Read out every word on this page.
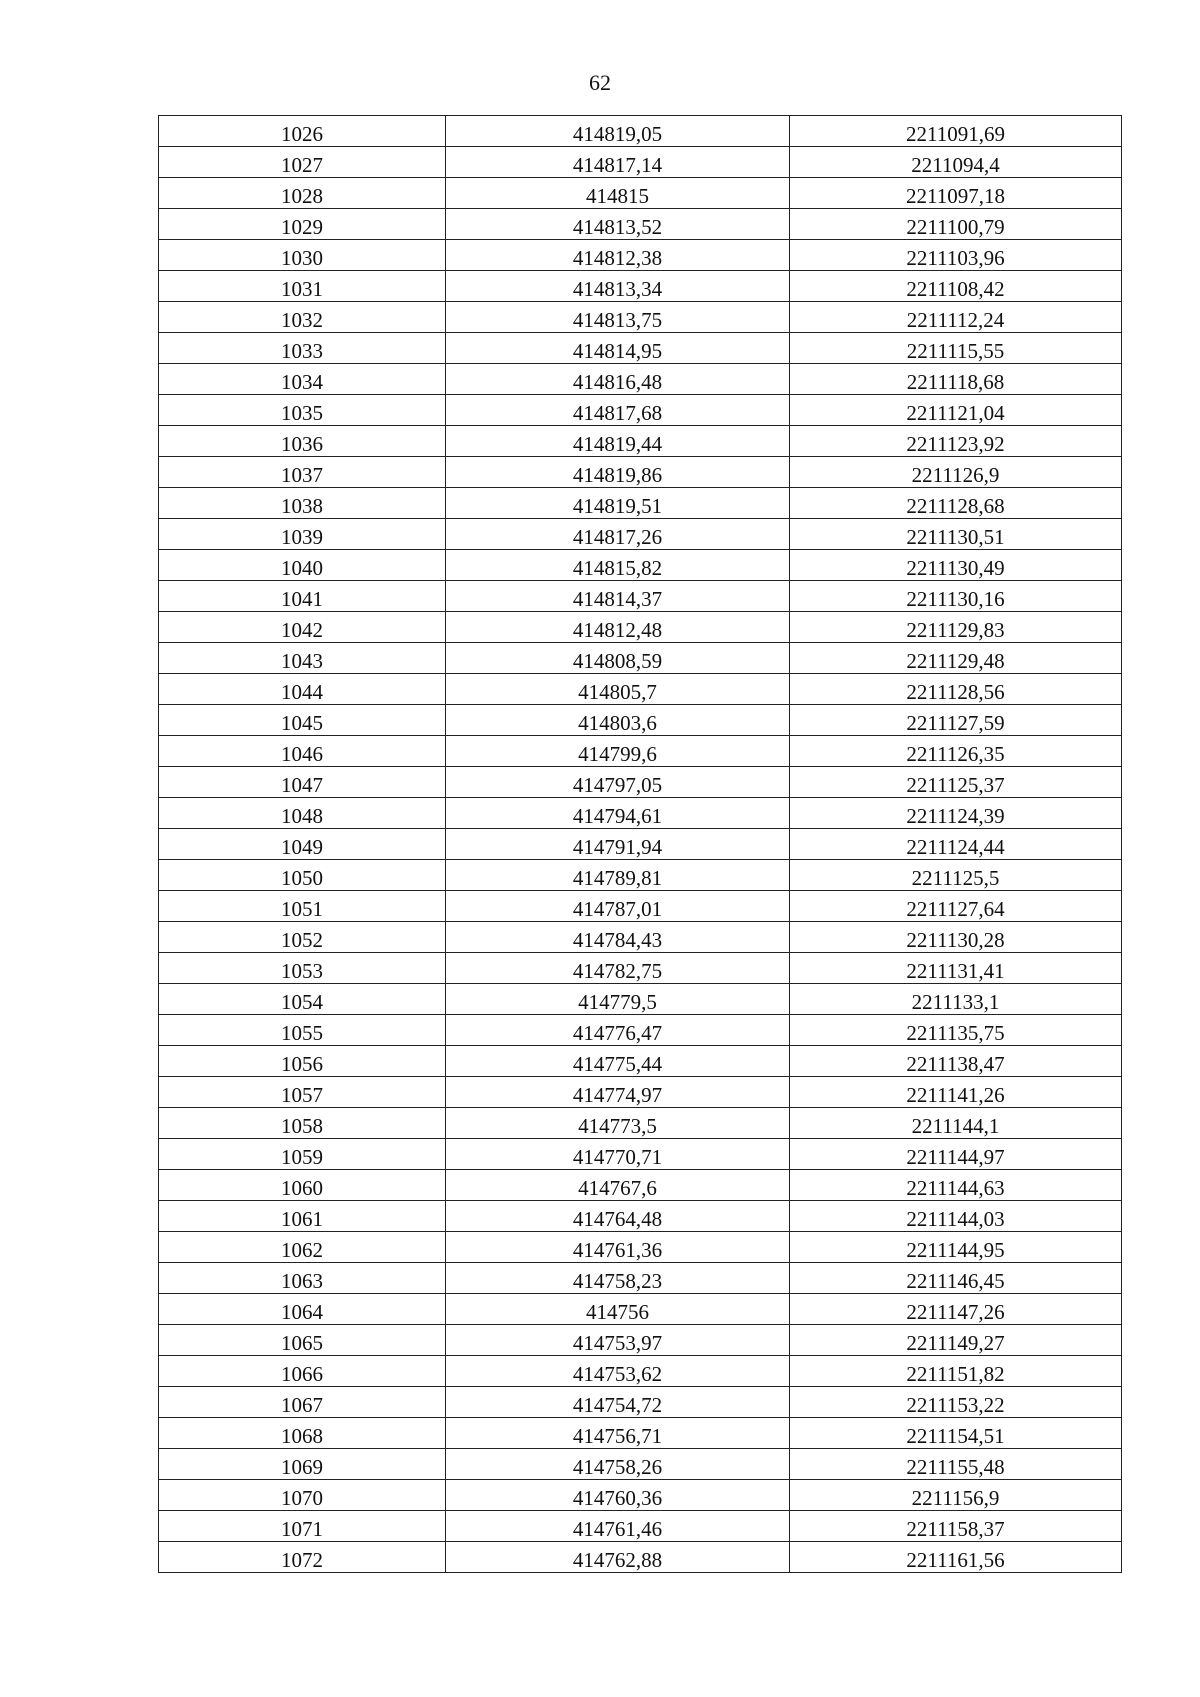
62
1026	414819,05	2211091,69
1027	414817,14	2211094,4
1028	414815	2211097,18
1029	414813,52	2211100,79
1030	414812,38	2211103,96
1031	414813,34	2211108,42
1032	414813,75	2211112,24
1033	414814,95	2211115,55
1034	414816,48	2211118,68
1035	414817,68	2211121,04
1036	414819,44	2211123,92
1037	414819,86	2211126,9
1038	414819,51	2211128,68
1039	414817,26	2211130,51
1040	414815,82	2211130,49
1041	414814,37	2211130,16
1042	414812,48	2211129,83
1043	414808,59	2211129,48
1044	414805,7	2211128,56
1045	414803,6	2211127,59
1046	414799,6	2211126,35
1047	414797,05	2211125,37
1048	414794,61	2211124,39
1049	414791,94	2211124,44
1050	414789,81	2211125,5
1051	414787,01	2211127,64
1052	414784,43	2211130,28
1053	414782,75	2211131,41
1054	414779,5	2211133,1
1055	414776,47	2211135,75
1056	414775,44	2211138,47
1057	414774,97	2211141,26
1058	414773,5	2211144,1
1059	414770,71	2211144,97
1060	414767,6	2211144,63
1061	414764,48	2211144,03
1062	414761,36	2211144,95
1063	414758,23	2211146,45
1064	414756	2211147,26
1065	414753,97	2211149,27
1066	414753,62	2211151,82
1067	414754,72	2211153,22
1068	414756,71	2211154,51
1069	414758,26	2211155,48
1070	414760,36	2211156,9
1071	414761,46	2211158,37
1072	414762,88	2211161,56
